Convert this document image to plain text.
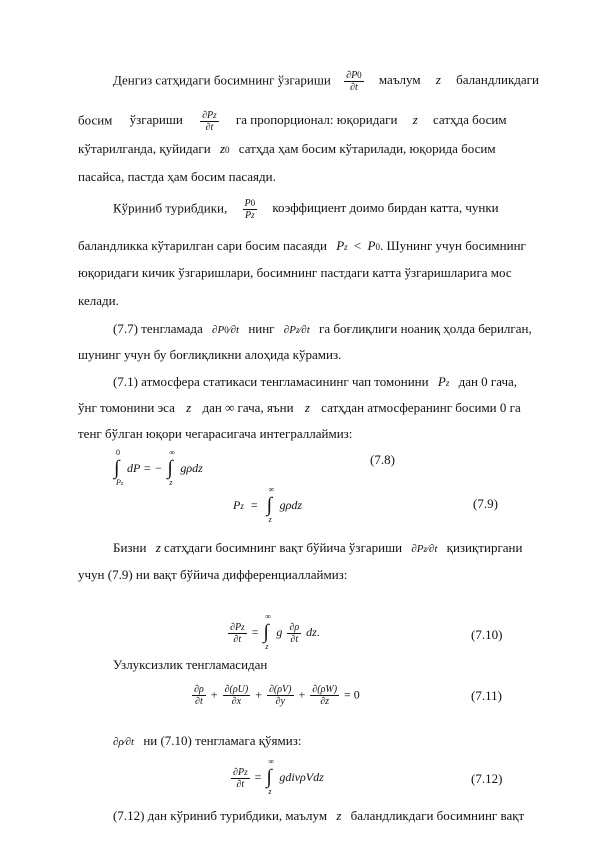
Денгиз сатҳидаги босимнинг ўзгариши $\frac{\partial P0}{\partial t}$ маълум z баландликдаги
босим ўзгариши $\frac{\partial Pz}{\partial t}$ га пропорционал: юқоридаги z сатҳда босим
кўтарилганда, қуйидаги z0 сатҳда ҳам босим кўтарилади, юқорида босим
пасайса, пастда ҳам босим пасаяди.
Кўриниб турибдики, $\frac{P0}{Pz}$ коэффициент доимо бирдан катта, чунки
баландликка кўтарилган сари босим пасаяди Pz < P0. Шунинг учун босимнинг
юқоридаги кичик ўзгаришлари, босимнинг пастдаги катта ўзгаришларига мос
келади.
(7.7) тенгламада ∂P0⁄∂t нинг ∂Pz⁄∂t га боғлиқлиги ноаниқ ҳолда берилган,
шунинг учун бу боғлиқликни алоҳида кўрамиз.
(7.1) атмосфера статикаси тенгламасининг чап томонини Pz дан 0 гача,
ўнг томонини эса z дан ∞ гача, яъни z сатҳдан атмосферанинг босими 0 га
тенг бўлган юқори чегарасигача интеграллаймиз:
∫
0
Pz
dP = − ∫
∞
z
gρdz
(7.8)
Pz = ∫
∞
z
gρdz	(7.9)
Бизни z сатҳдаги босимнинг вақт бўйича ўзгариши ∂Pz⁄∂t қизиқтиргани
учун (7.9) ни вақт бўйича дифференциаллаймиз:
$\frac{\partial Pz}{\partial t}$ = ∫
∞
z
g $\frac{\partial\rho}{\partial t}$ dz.	(7.10)
Узлуксизлик тенгламасидан
$\frac{\partial\rho}{\partial t} + \frac{\partial(\rho U)}{\partial x} + \frac{\partial(\rho V)}{\partial y} + \frac{\partial(\rho W)}{\partial z} = 0$	(7.11)
∂ρ⁄∂t ни (7.10) тенгламага қўямиз:
$\frac{\partial Pz}{\partial t}$ = ∫
∞
z
gdivρVdz	(7.12)
(7.12) дан кўриниб турибдики, маълум z баландликдаги босимнинг вақт
